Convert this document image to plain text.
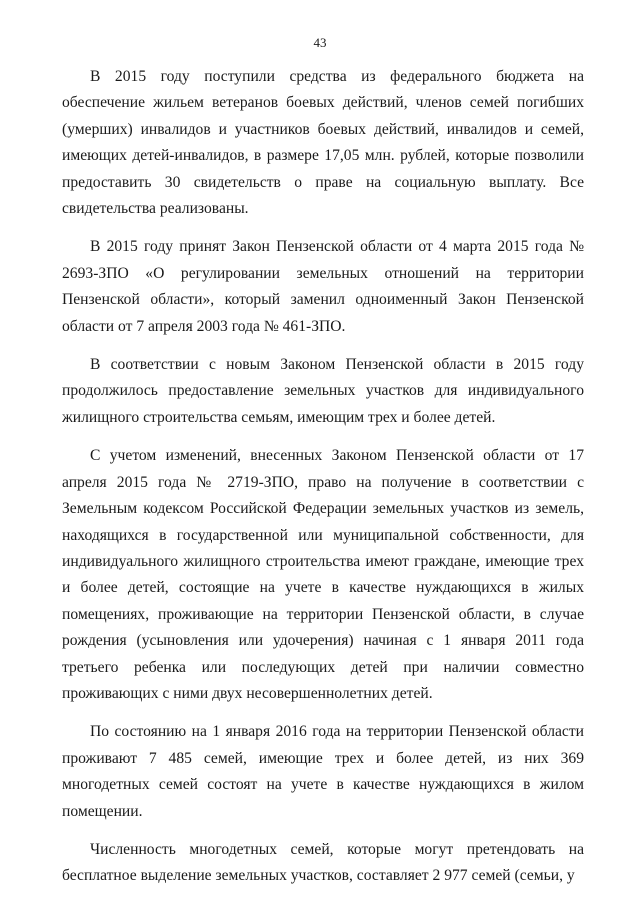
43

В 2015 году поступили средства из федерального бюджета на обеспечение жильем ветеранов боевых действий, членов семей погибших (умерших) инвалидов и участников боевых действий, инвалидов и семей, имеющих детей-инвалидов, в размере 17,05 млн. рублей, которые позволили предоставить 30 свидетельств о праве на социальную выплату. Все свидетельства реализованы.

В 2015 году принят Закон Пензенской области от 4 марта 2015 года № 2693-ЗПО «О регулировании земельных отношений на территории Пензенской области», который заменил одноименный Закон Пензенской области от 7 апреля 2003 года № 461-ЗПО.

В соответствии с новым Законом Пензенской области в 2015 году продолжилось предоставление земельных участков для индивидуального жилищного строительства семьям, имеющим трех и более детей.

С учетом изменений, внесенных Законом Пензенской области от 17 апреля 2015 года № 2719-ЗПО, право на получение в соответствии с Земельным кодексом Российской Федерации земельных участков из земель, находящихся в государственной или муниципальной собственности, для индивидуального жилищного строительства имеют граждане, имеющие трех и более детей, состоящие на учете в качестве нуждающихся в жилых помещениях, проживающие на территории Пензенской области, в случае рождения (усыновления или удочерения) начиная с 1 января 2011 года третьего ребенка или последующих детей при наличии совместно проживающих с ними двух несовершеннолетних детей.

По состоянию на 1 января 2016 года на территории Пензенской области проживают 7 485 семей, имеющие трех и более детей, из них 369 многодетных семей состоят на учете в качестве нуждающихся в жилом помещении.

Численность многодетных семей, которые могут претендовать на бесплатное выделение земельных участков, составляет 2 977 семей (семьи, у
